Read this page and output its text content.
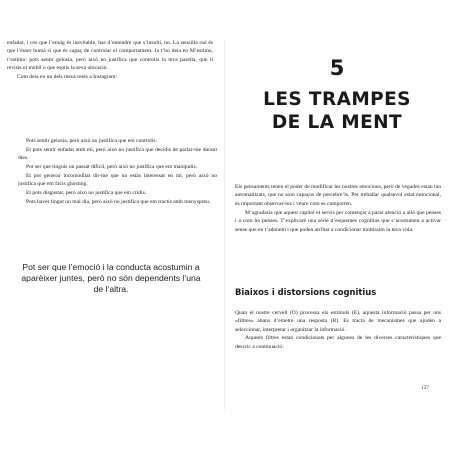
enfadat, i cos que l’enuig és inevitable, has d’entendre que s’insulti, no. La senzilla raó és que l’ésser humà sí que és capaç de controlar el comportament. Ja t’ho deia en M’estimo, t’estimo: pots sentir gelosia, però això no justifica que controlis la teva parella, que li revisis el mòbil o que espiis la seva ubicació.

Com deia en un dels meus reels a Instagram:

Pots sentir gelosia, però això no justifica que em controlis.

Et pots sentir enfadat amb mi, però això no justifica que decidis de parlar-me durant dies.

Pot ser que tinguis un passat difícil, però això no justifica que em manipulis.

Et pot generar incomoditat dir-me que no estàs interessat en mi, però això no justifica que em facis ghosting.

Et pots disgustar, però això no justifica que em cridis.

Pots haver tingut un mal dia, però això no justifica que em tractis amb menyspreu.

Pot ser que l’emoció i la conducta acostumin a aparèixer juntes, però no són dependents l’una de l’altra.

5

LES TRAMPES
DE LA MENT

Els pensaments tenen el poder de modificar les nostres emocions, però de vegades estan tan automatitzats, que no som capaços de percebre’ls. Per treballar qualsevol estat emocional, és important observar-los i veure com es comporten.

M’agradaria que aquest capítol et servís per començar a parar atenció a allò que penses i a com ho penses. T’explicaré una sèrie d’esquemes cognitius que s’acostumen a activar sense que en t’adonem i que poden arribar a condicionar moltíssim la teva vida.

Biaixos i distorsions cognitius

Quan el nostre cervell (O) processa els estímuls (E), aquesta informació passa per uns «filtres» abans d’emetre una resposta (R). Es tracta de mecanismes que ajuden a seleccionar, interpretar i organitzar la informació.

Aquests filtres estan condicionats per algunes de les diverses característiques que descric a continuació:

127
